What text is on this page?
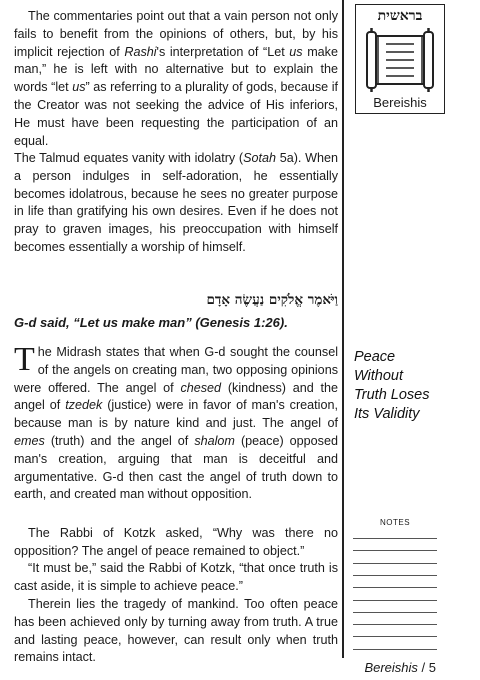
The commentaries point out that a vain person not only fails to benefit from the opinions of others, but, by his implicit rejection of Rashi's interpretation of “Let us make man,” he is left with no alternative but to explain the words “let us” as referring to a plurality of gods, because if the Creator was not seeking the advice of His inferiors, He must have been requesting the participation of an equal.

The Talmud equates vanity with idolatry (Sotah 5a). When a person indulges in self-adoration, he essentially becomes idolatrous, because he sees no greater purpose in life than gratifying his own desires. Even if he does not pray to graven images, his preoccupation with himself becomes essentially a worship of himself.

וַיֹּאמֶר אֱלֹקִים נַעֲשֶׂה אָדָם
G-d said, “Let us make man” (Genesis 1:26).

The Midrash states that when G-d sought the counsel of the angels on creating man, two opposing opinions were offered. The angel of chesed (kindness) and the angel of tzedek (justice) were in favor of man's creation, because man is by nature kind and just. The angel of emes (truth) and the angel of shalom (peace) opposed man's creation, arguing that man is deceitful and argumentative. G-d then cast the angel of truth down to earth, and created man without opposition.

The Rabbi of Kotzk asked, “Why was there no opposition? The angel of peace remained to object.”

“It must be,” said the Rabbi of Kotzk, “that once truth is cast aside, it is simple to achieve peace.”

Therein lies the tragedy of mankind. Too often peace has been achieved only by turning away from truth. A true and lasting peace, however, can result only when truth remains intact.

בראשית
Bereishis
Peace
Without
Truth Loses
Its Validity
NOTES
Bereishis / 5
